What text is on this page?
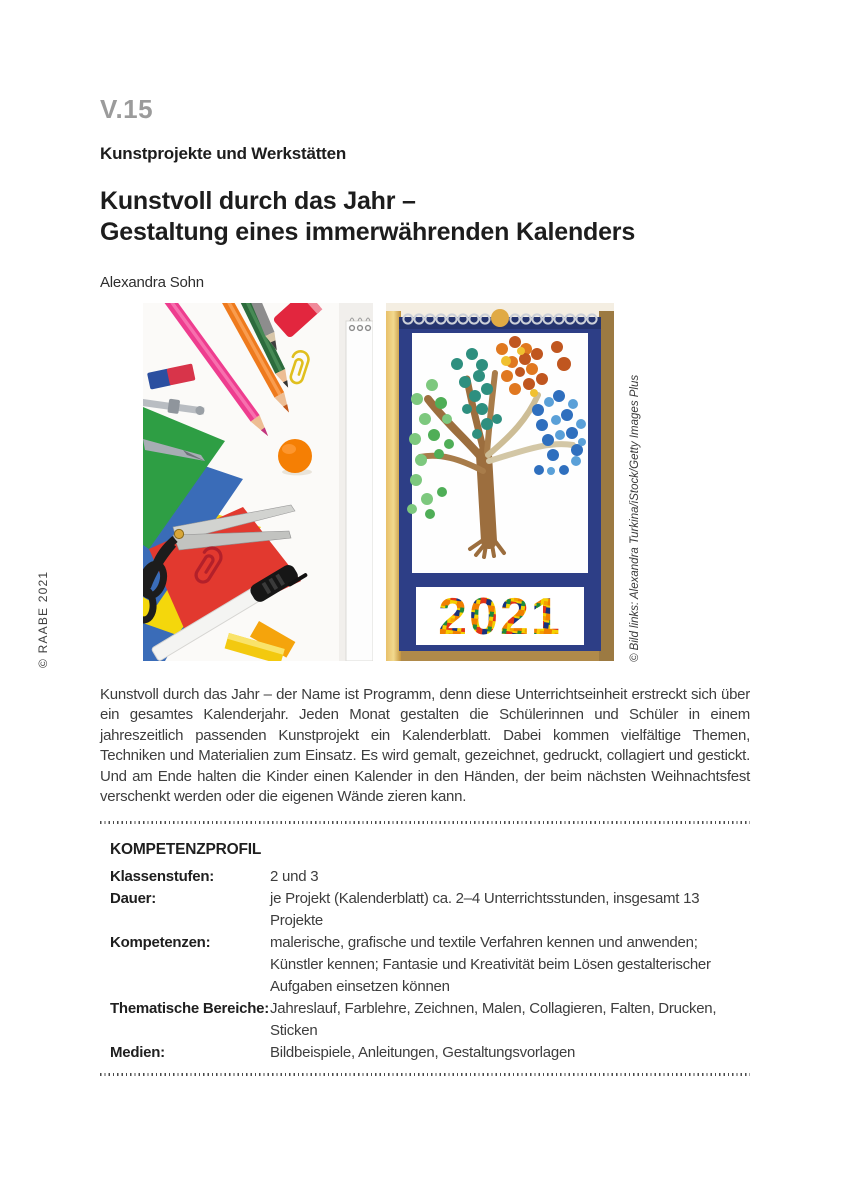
V.15
Kunstprojekte und Werkstätten
Kunstvoll durch das Jahr –
Gestaltung eines immerwährenden Kalenders
Alexandra Sohn
© RAABE 2021	2021	© Bild links: Alexandra Turkina/iStock/Getty Images Plus

Kunstvoll durch das Jahr – der Name ist Programm, denn diese Unterrichtseinheit erstreckt sich über ein gesamtes Kalenderjahr. Jeden Monat gestalten die Schülerinnen und Schüler in einem jahreszeitlich passenden Kunstprojekt ein Kalenderblatt. Dabei kommen vielfältige Themen, Techniken und Materialien zum Einsatz. Es wird gemalt, gezeichnet, gedruckt, collagiert und gestickt. Und am Ende halten die Kinder einen Kalender in den Händen, der beim nächsten Weihnachtsfest verschenkt werden oder die eigenen Wände zieren kann.

KOMPETENZPROFIL
Klassenstufen:	2 und 3
Dauer:	je Projekt (Kalenderblatt) ca. 2–4 Unterrichtsstunden, insgesamt 13 Projekte
Kompetenzen:	malerische, grafische und textile Verfahren kennen und anwenden; Künstler kennen; Fantasie und Kreativität beim Lösen gestalterischer Aufgaben einsetzen können
Thematische Bereiche: Jahreslauf, Farblehre, Zeichnen, Malen, Collagieren, Falten, Drucken, Sticken
Medien:	Bildbeispiele, Anleitungen, Gestaltungsvorlagen
